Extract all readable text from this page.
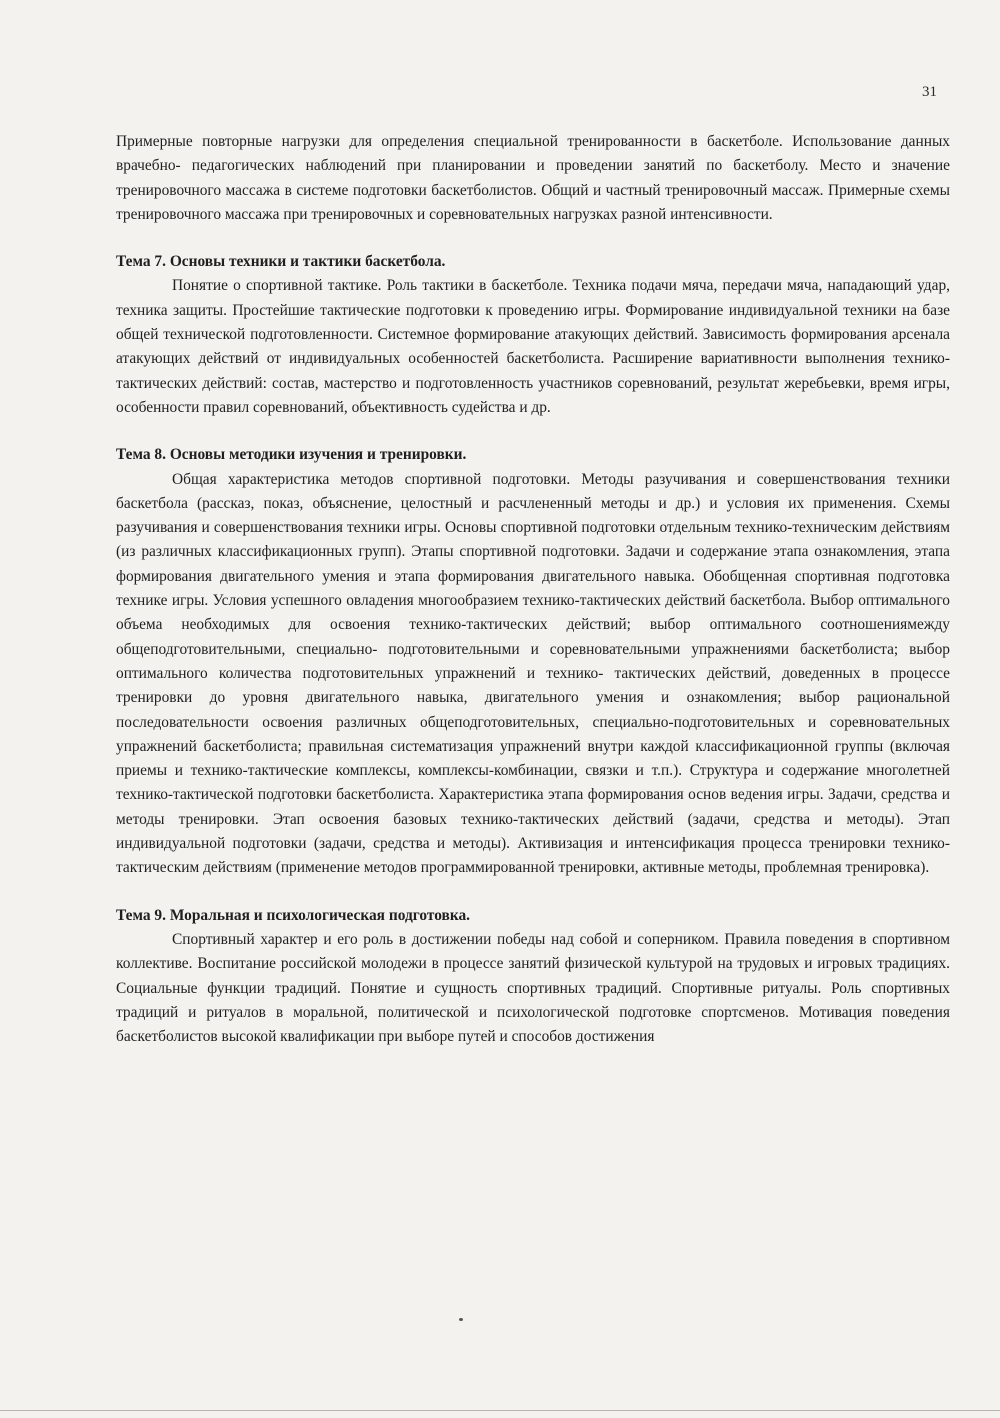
31

Примерные повторные нагрузки для определения специальной тренированности в баскетболе. Использование данных врачебно- педагогических наблюдений при планировании и проведении занятий по баскетболу. Место и значение тренировочного массажа в системе подготовки баскетболистов. Общий и частный тренировочный массаж. Примерные схемы тренировочного массажа при тренировочных и соревновательных нагрузках разной интенсивности.

Тема 7. Основы техники и тактики баскетбола.

Понятие о спортивной тактике. Роль тактики в баскетболе. Техника подачи мяча, передачи мяча, нападающий удар, техника защиты. Простейшие тактические подготовки к проведению игры. Формирование индивидуальной техники на базе общей технической подготовленности. Системное формирование атакующих действий. Зависимость формирования арсенала атакующих действий от индивидуальных особенностей баскетболиста. Расширение вариативности выполнения технико-тактических действий: состав, мастерство и подготовленность участников соревнований, результат жеребьевки, время игры, особенности правил соревнований, объективность судейства и др.

Тема 8. Основы методики изучения и тренировки.

Общая характеристика методов спортивной подготовки. Методы разучивания и совершенствования техники баскетбола (рассказ, показ, объяснение, целостный и расчлененный методы и др.) и условия их применения. Схемы разучивания и совершенствования техники игры. Основы спортивной подготовки отдельным технико-техническим действиям (из различных классификационных групп). Этапы спортивной подготовки. Задачи и содержание этапа ознакомления, этапа формирования двигательного умения и этапа формирования двигательного навыка. Обобщенная спортивная подготовка технике игры. Условия успешного овладения многообразием технико-тактических действий баскетбола. Выбор оптимального объема необходимых для освоения технико-тактических действий; выбор оптимального соотношениямежду общеподготовительными, специально- подготовительными и соревновательными упражнениями баскетболиста; выбор оптимального количества подготовительных упражнений и технико- тактических действий, доведенных в процессе тренировки до уровня двигательного навыка, двигательного умения и ознакомления; выбор рациональной последовательности освоения различных общеподготовительных, специально-подготовительных и соревновательных упражнений баскетболиста; правильная систематизация упражнений внутри каждой классификационной группы (включая приемы и технико-тактические комплексы, комплексы-комбинации, связки и т.п.). Структура и содержание многолетней технико-тактической подготовки баскетболиста. Характеристика этапа формирования основ ведения игры. Задачи, средства и методы тренировки. Этап освоения базовых технико-тактических действий (задачи, средства и методы). Этап индивидуальной подготовки (задачи, средства и методы). Активизация и интенсификация процесса тренировки технико- тактическим действиям (применение методов программированной тренировки, активные методы, проблемная тренировка).

Тема 9. Моральная и психологическая подготовка.

Спортивный характер и его роль в достижении победы над собой и соперником. Правила поведения в спортивном коллективе. Воспитание российской молодежи в процессе занятий физической культурой на трудовых и игровых традициях. Социальные функции традиций. Понятие и сущность спортивных традиций. Спортивные ритуалы. Роль спортивных традиций и ритуалов в моральной, политической и психологической подготовке спортсменов. Мотивация поведения баскетболистов высокой квалификации при выборе путей и способов достижения
